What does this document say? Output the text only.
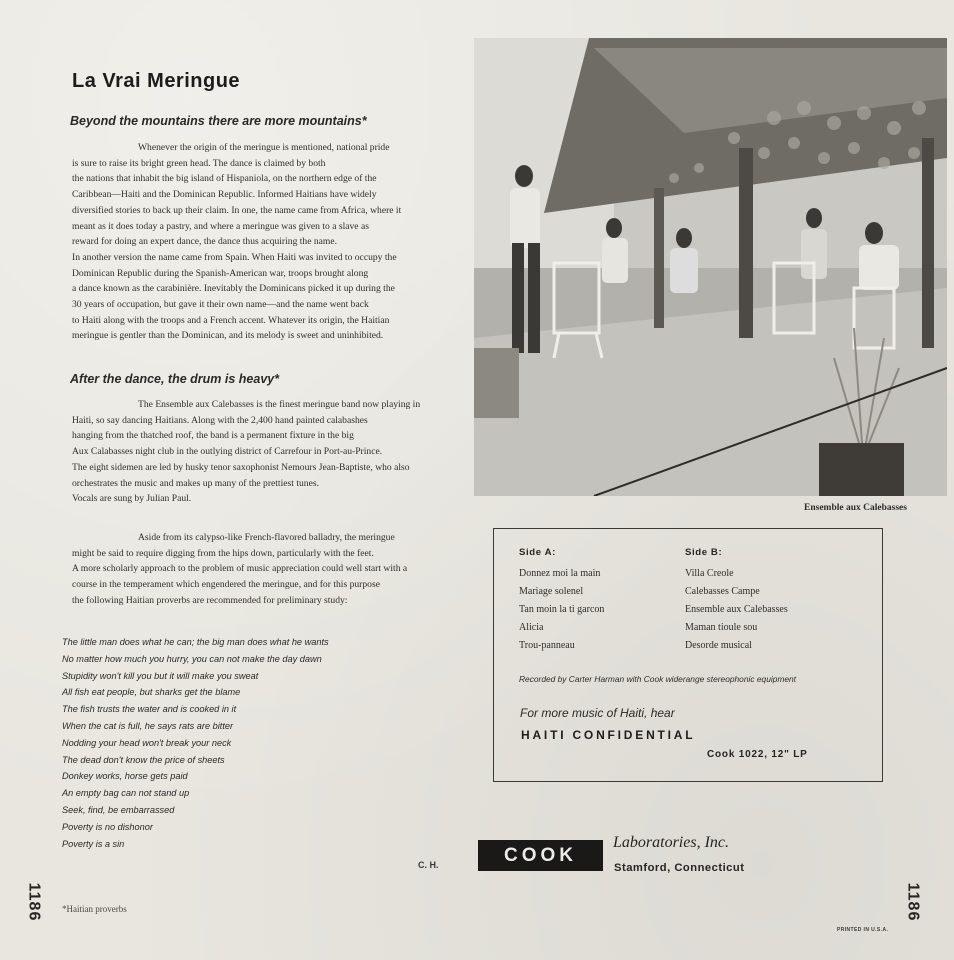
La Vrai Meringue
Beyond the mountains there are more mountains*

Whenever the origin of the meringue is mentioned, national pride
is sure to raise its bright green head. The dance is claimed by both
the nations that inhabit the big island of Hispaniola, on the northern edge of the
Caribbean—Haiti and the Dominican Republic. Informed Haitians have widely
diversified stories to back up their claim. In one, the name came from Africa, where it
meant as it does today a pastry, and where a meringue was given to a slave as
reward for doing an expert dance, the dance thus acquiring the name.
In another version the name came from Spain. When Haiti was invited to occupy the
Dominican Republic during the Spanish-American war, troops brought along
a dance known as the carabinière. Inevitably the Dominicans picked it up during the
30 years of occupation, but gave it their own name—and the name went back
to Haiti along with the troops and a French accent. Whatever its origin, the Haitian
meringue is gentler than the Dominican, and its melody is sweet and uninhibited.

After the dance, the drum is heavy*

The Ensemble aux Calebasses is the finest meringue band now playing in
Haiti, so say dancing Haitians. Along with the 2,400 hand painted calabashes
hanging from the thatched roof, the band is a permanent fixture in the big
Aux Calabasses night club in the outlying district of Carrefour in Port-au-Prince.
The eight sidemen are led by husky tenor saxophonist Nemours Jean-Baptiste, who also
orchestrates the music and makes up many of the prettiest tunes.
Vocals are sung by Julian Paul.

Aside from its calypso-like French-flavored balladry, the meringue
might be said to require digging from the hips down, particularly with the feet.
A more scholarly approach to the problem of music appreciation could well start with a
course in the temperament which engendered the meringue, and for this purpose
the following Haitian proverbs are recommended for preliminary study:

The little man does what he can; the big man does what he wants
No matter how much you hurry, you can not make the day dawn
Stupidity won't kill you but it will make you sweat
All fish eat people, but sharks get the blame
The fish trusts the water and is cooked in it
When the cat is full, he says rats are bitter
Nodding your head won't break your neck
The dead don't know the price of sheets
Donkey works, horse gets paid
An empty bag can not stand up
Seek, find, be embarrassed
Poverty is no dishonor
Poverty is a sin
C. H.
*Haitian proverbs
1186	1186
Ensemble aux Calebasses
Side A:
Donnez moi la main
Mariage solenel
Tan moin la ti garcon
Alicia
Trou-panneau
Side B:
Villa Creole
Calebasses Campe
Ensemble aux Calebasses
Maman tioule sou
Desorde musical
Recorded by Carter Harman with Cook widerange stereophonic equipment
For more music of Haiti, hear
HAITI CONFIDENTIAL
Cook 1022, 12" LP
COOK
Laboratories, Inc.
Stamford, Connecticut
PRINTED IN U.S.A.
